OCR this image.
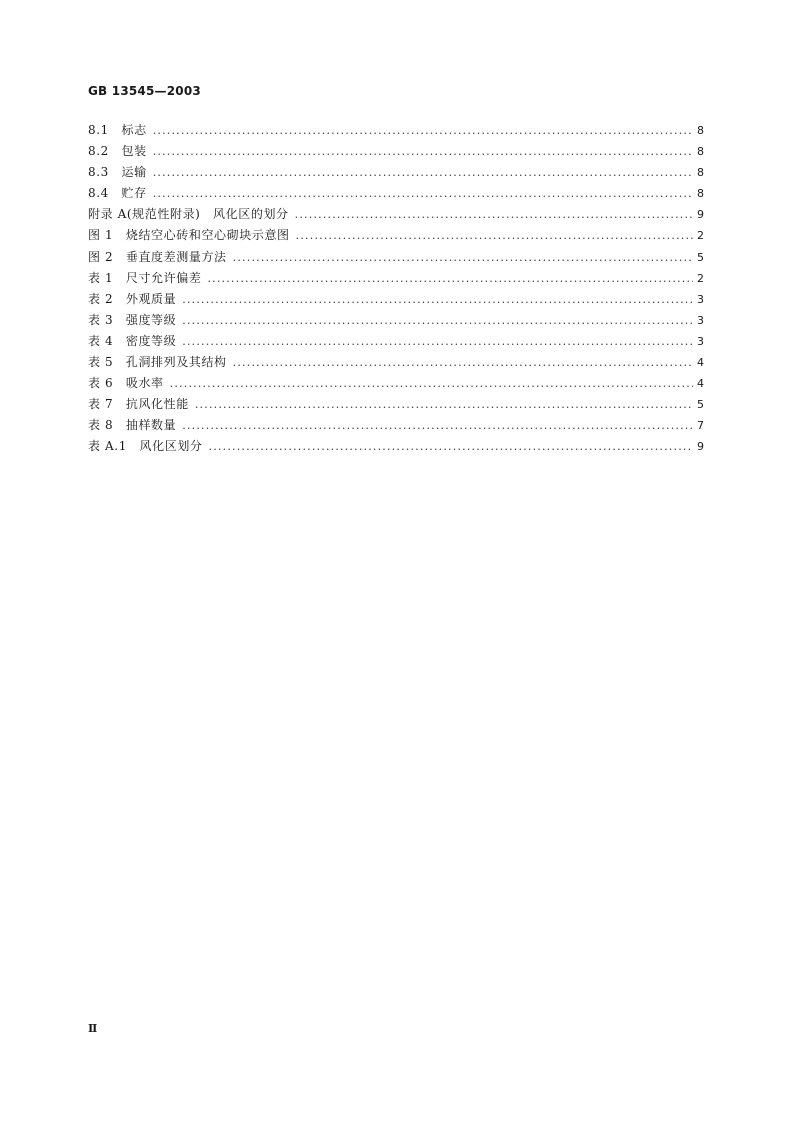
GB 13545—2003
8.1　标志 .....	8
8.2　包装 .....	8
8.3　运输 .....	8
8.4　贮存 .....	8
附录 A(规范性附录)　风化区的划分 .....	9
图 1　烧结空心砖和空心砌块示意图 .....	2
图 2　垂直度差测量方法 .....	5
表 1　尺寸允许偏差 .....	2
表 2　外观质量 .....	3
表 3　强度等级 .....	3
表 4　密度等级 .....	3
表 5　孔洞排列及其结构 .....	4
表 6　吸水率 .....	4
表 7　抗风化性能 .....	5
表 8　抽样数量 .....	7
表 A.1　风化区划分 .....	9
Ⅱ
